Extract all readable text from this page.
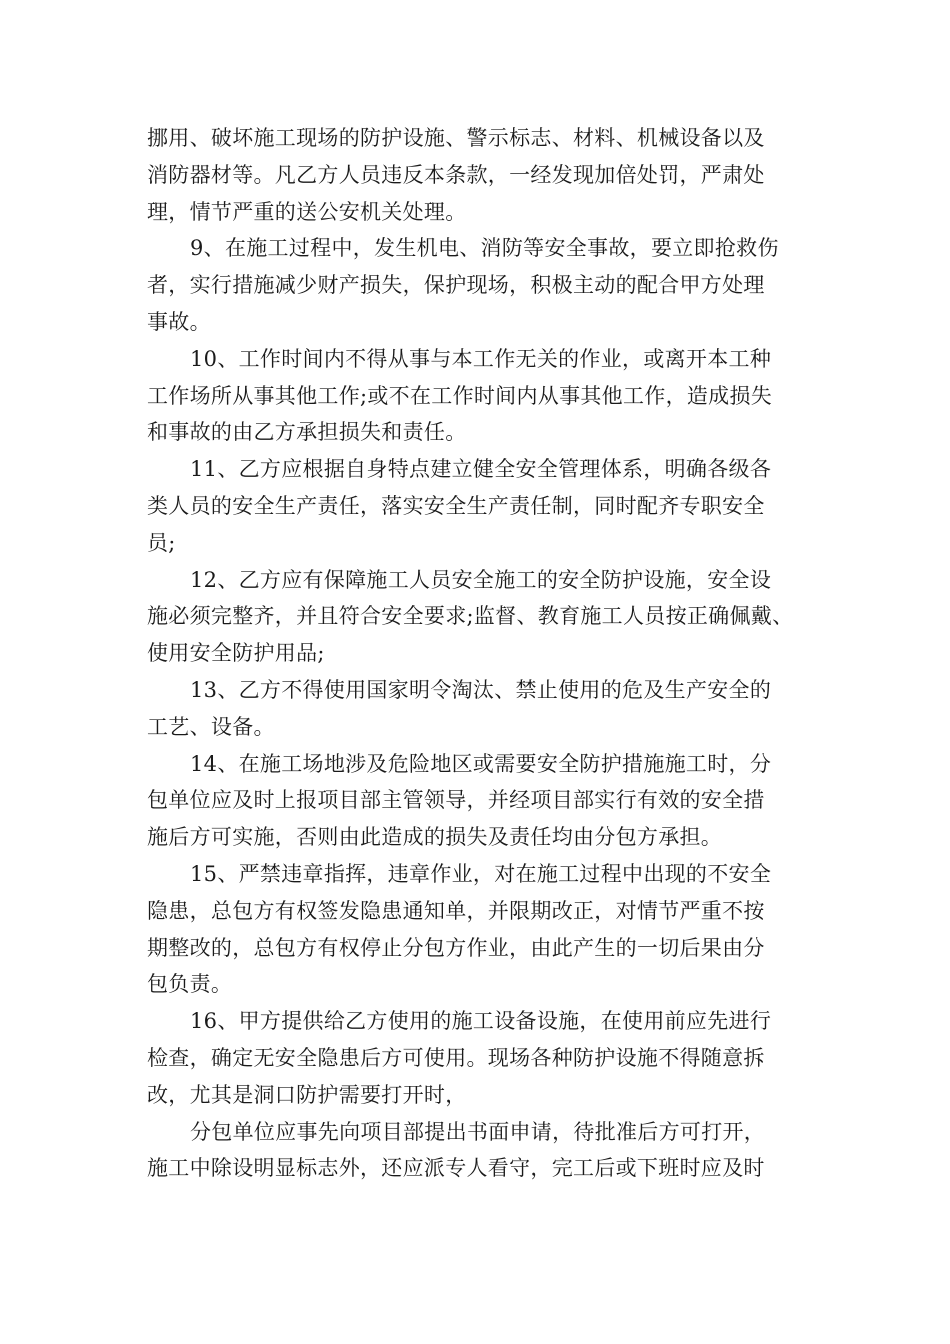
挪用、破坏施工现场的防护设施、警示标志、材料、机械设备以及
消防器材等。凡乙方人员违反本条款，一经发现加倍处罚，严肃处
理，情节严重的送公安机关处理。
9、在施工过程中，发生机电、消防等安全事故，要立即抢救伤
者，实行措施减少财产损失，保护现场，积极主动的配合甲方处理
事故。
10、工作时间内不得从事与本工作无关的作业，或离开本工种
工作场所从事其他工作;或不在工作时间内从事其他工作，造成损失
和事故的由乙方承担损失和责任。
11、乙方应根据自身特点建立健全安全管理体系，明确各级各
类人员的安全生产责任，落实安全生产责任制，同时配齐专职安全
员;
12、乙方应有保障施工人员安全施工的安全防护设施，安全设
施必须完整齐，并且符合安全要求;监督、教育施工人员按正确佩戴、
使用安全防护用品;
13、乙方不得使用国家明令淘汰、禁止使用的危及生产安全的
工艺、设备。
14、在施工场地涉及危险地区或需要安全防护措施施工时，分
包单位应及时上报项目部主管领导，并经项目部实行有效的安全措
施后方可实施，否则由此造成的损失及责任均由分包方承担。
15、严禁违章指挥，违章作业，对在施工过程中出现的不安全
隐患，总包方有权签发隐患通知单，并限期改正，对情节严重不按
期整改的，总包方有权停止分包方作业，由此产生的一切后果由分
包负责。
16、甲方提供给乙方使用的施工设备设施，在使用前应先进行
检查，确定无安全隐患后方可使用。现场各种防护设施不得随意拆
改，尤其是洞口防护需要打开时，
分包单位应事先向项目部提出书面申请，待批准后方可打开，
施工中除设明显标志外，还应派专人看守，完工后或下班时应及时
